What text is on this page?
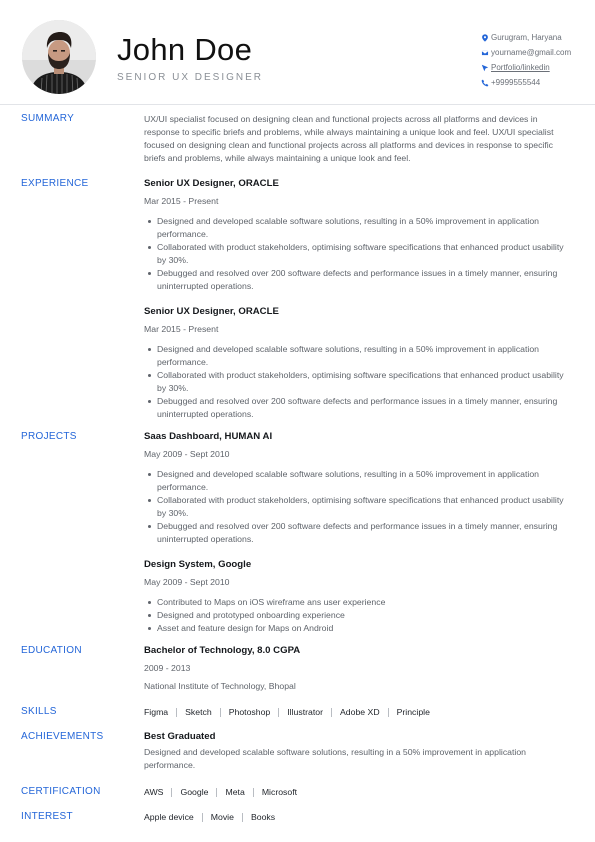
John Doe
SENIOR UX DESIGNER
Gurugram, Haryana
yourname@gmail.com
Portfolio/linkedin
+9999555544
SUMMARY	UX/UI specialist focused on designing clean and functional projects across all platforms and devices in response to specific briefs and problems, while always maintaining a unique look and feel. UX/UI specialist focused on designing clean and functional projects across all platforms and devices in response to specific briefs and problems, while always maintaining a unique look and feel.

EXPERIENCE	Senior UX Designer, ORACLE
Mar 2015 - Present
Designed and developed scalable software solutions, resulting in a 50% improvement in application performance.
Collaborated with product stakeholders, optimising software specifications that enhanced product usability by 30%.
Debugged and resolved over 200 software defects and performance issues in a timely manner, ensuring uninterrupted operations.
Senior UX Designer, ORACLE
Mar 2015 - Present
Designed and developed scalable software solutions, resulting in a 50% improvement in application performance.
Collaborated with product stakeholders, optimising software specifications that enhanced product usability by 30%.
Debugged and resolved over 200 software defects and performance issues in a timely manner, ensuring uninterrupted operations.
PROJECTS	Saas Dashboard, HUMAN AI
May 2009 - Sept 2010
Designed and developed scalable software solutions, resulting in a 50% improvement in application performance.
Collaborated with product stakeholders, optimising software specifications that enhanced product usability by 30%.
Debugged and resolved over 200 software defects and performance issues in a timely manner, ensuring uninterrupted operations.
Design System, Google
May 2009 - Sept 2010
Contributed to Maps on iOS wireframe ans user experience
Designed and prototyped onboarding experience
Asset and feature design for Maps on Android
EDUCATION	Bachelor of Technology, 8.0 CGPA
2009 - 2013
National Institute of Technology, Bhopal
SKILLS	Figma Sketch Photoshop Illustrator Adobe XD Principle
ACHIEVEMENTS	Best Graduated

Designed and developed scalable software solutions, resulting in a 50% improvement in application performance.

CERTIFICATION	AWS Google Meta Microsoft
INTEREST	Apple device Movie Books
